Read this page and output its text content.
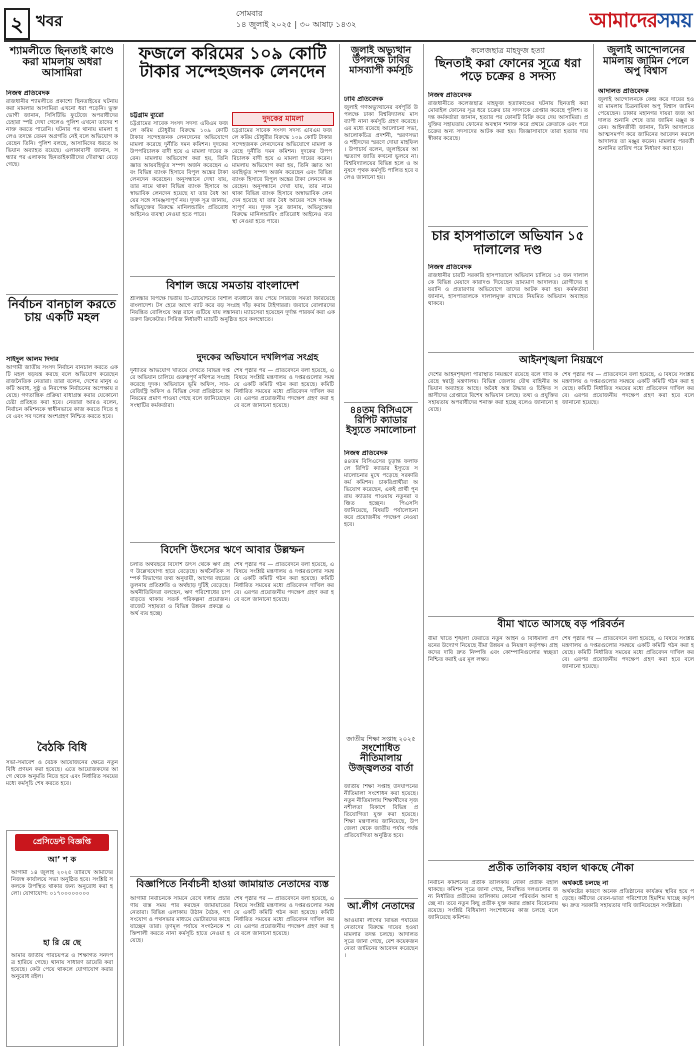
২ খবর	সোমবার
১৪ জুলাই ২০২৫ | ৩০ আষাঢ় ১৪৩২	আমাদেরসময়
শ্যামলীতে ছিনতাই কাণ্ডে করা মামলায় অধরা আসামিরা
নিজস্ব প্রতিবেদক
রাজধানীর শ্যামলীতে প্রকাশ্যে ছিনতাইয়ের ঘটনায় করা মামলার আসামিরা এখনো ধরা পড়েনি। ভুক্তভোগী জানান, সিসিটিভি ফুটেজে অপরাধীদের চেহারা স্পষ্ট দেখা গেলেও পুলিশ এখনো তাদের শনাক্ত করতে পারেনি। ঘটনার পর থানায় মামলা হলেও তদন্তে তেমন অগ্রগতি নেই বলে অভিযোগ করেছেন তিনি। পুলিশ বলছে, আসামিদের ধরতে অভিযান অব্যাহত রয়েছে। এলাকাবাসী জানান, সন্ধ্যার পর এলাকায় ছিনতাইকারীদের দৌরাত্ম্য বেড়ে গেছে।
নির্বাচন বানচাল করতে চায় একটি মহল
সাইদুল আলম দিদার
আগামী জাতীয় সংসদ নির্বাচন বানচাল করতে একটি মহল ষড়যন্ত্র করছে বলে অভিযোগ করেছেন রাজনৈতিক নেতারা। তারা বলেন, দেশের মানুষ একটি অবাধ, সুষ্ঠু ও নিরপেক্ষ নির্বাচনের অপেক্ষায় রয়েছে। গণতান্ত্রিক প্রক্রিয়া বাধাগ্রস্ত করার যেকোনো চেষ্টা প্রতিহত করা হবে। নেতারা আরও বলেন, নির্বাচন কমিশনকে স্বাধীনভাবে কাজ করতে দিতে হবে এবং সব দলের অংশগ্রহণ নিশ্চিত করতে হবে।
বৈঠকি বিধি
সভা-সমাবেশ ও বৈঠক আয়োজনের ক্ষেত্রে নতুন বিধি প্রণয়ন করা হয়েছে। এতে আয়োজকদের আগে থেকে অনুমতি নিতে হবে এবং নির্ধারিত সময়ের মধ্যে কর্মসূচি শেষ করতে হবে।
প্রেসিডেন্ট বিজ্ঞপ্তি
আ’ শ ক
আগামী ১৪ জুলাই ২০২৫ তারিখে আমাদের নিজস্ব কার্যালয়ে সভা অনুষ্ঠিত হবে। সংশ্লিষ্ট সকলকে উপস্থিত থাকার জন্য অনুরোধ করা হলো। যোগাযোগ: ০১৭০০০০০০০০
হা রি য়ে ছে
আমার জাতীয় পরিচয়পত্র ও শিক্ষাগত সনদপত্র হারিয়ে গেছে। থানায় সাধারণ ডায়েরি করা হয়েছে। কেউ পেয়ে থাকলে যোগাযোগ করার অনুরোধ রইল।
ফজলে করিমের ১০৯ কোটি টাকার সন্দেহজনক লেনদেন
চট্টগ্রাম ব্যুরো
চট্টগ্রামের সাবেক সংসদ সদস্য এবিএম ফজলে করিম চৌধুরীর বিরুদ্ধে ১০৯ কোটি টাকার সন্দেহজনক লেনদেনের অভিযোগে মামলা করেছে দুর্নীতি দমন কমিশন। দুদকের উপপরিচালক বাদী হয়ে এ মামলা দায়ের করেন। মামলায় অভিযোগ করা হয়, তিনি জ্ঞাত আয়বহির্ভূত সম্পদ অর্জন করেছেন এবং বিভিন্ন ব্যাংক হিসাবে বিপুল অঙ্কের টাকা লেনদেন করেছেন। অনুসন্ধানে দেখা যায়, তার নামে থাকা বিভিন্ন ব্যাংক হিসাবে অস্বাভাবিক লেনদেন হয়েছে যা তার বৈধ আয়ের সঙ্গে সামঞ্জস্যপূর্ণ নয়। দুদক সূত্র জানায়, অভিযুক্তের বিরুদ্ধে মানিলন্ডারিং প্রতিরোধ আইনেও ব্যবস্থা নেওয়া হতে পারে।
দুদকের মামলা
চট্টগ্রামের সাবেক সংসদ সদস্য এবিএম ফজলে করিম চৌধুরীর বিরুদ্ধে ১০৯ কোটি টাকার সন্দেহজনক লেনদেনের অভিযোগে মামলা করেছে দুর্নীতি দমন কমিশন। দুদকের উপপরিচালক বাদী হয়ে এ মামলা দায়ের করেন। মামলায় অভিযোগ করা হয়, তিনি জ্ঞাত আয়বহির্ভূত সম্পদ অর্জন করেছেন এবং বিভিন্ন ব্যাংক হিসাবে বিপুল অঙ্কের টাকা লেনদেন করেছেন। অনুসন্ধানে দেখা যায়, তার নামে থাকা বিভিন্ন ব্যাংক হিসাবে অস্বাভাবিক লেনদেন হয়েছে যা তার বৈধ আয়ের সঙ্গে সামঞ্জস্যপূর্ণ নয়। দুদক সূত্র জানায়, অভিযুক্তের বিরুদ্ধে মানিলন্ডারিং প্রতিরোধ আইনেও ব্যবস্থা নেওয়া হতে পারে।
বিশাল জয়ে সমতায় বাংলাদেশ
শ্রীলঙ্কার বিপক্ষে দ্বিতীয় টি-টোয়েন্টিতে বিশাল ব্যবধানে জয় পেয়ে সিরিজে সমতা ফিরিয়েছে বাংলাদেশ। টস হেরে আগে ব্যাট করে বড় সংগ্রহ দাঁড় করায় টাইগাররা। জবাবে বোলারদের নিয়ন্ত্রিত বোলিংয়ে অল্প রানে গুটিয়ে যায় লঙ্কানরা। ম্যাচসেরা হয়েছেন দুর্দান্ত পারফর্ম করা এক তরুণ ক্রিকেটার। সিরিজ নির্ধারণী ম্যাচটি অনুষ্ঠিত হবে কলম্বোতে।
দুদকের অভিযানে দখলিপত্র সংগ্রহ
দুর্নীতির অভিযোগ খতিয়ে দেখতে বিভিন্ন দপ্তরে অভিযান চালিয়ে গুরুত্বপূর্ণ নথিপত্র সংগ্রহ করেছে দুদক। অভিযানে ভূমি অফিস, সাব-রেজিস্ট্রি অফিস ও বিভিন্ন সেবা প্রতিষ্ঠানে অনিয়মের প্রমাণ পাওয়া গেছে বলে জানিয়েছেন সংস্থাটির কর্মকর্তারা।
শেষ পৃষ্ঠার পর — প্রতিবেদনে বলা হয়েছে, এ বিষয়ে সংশ্লিষ্ট মন্ত্রণালয় ও দপ্তরগুলোর সমন্বয়ে একটি কমিটি গঠন করা হয়েছে। কমিটি নির্ধারিত সময়ের মধ্যে প্রতিবেদন দাখিল করবে। এরপর প্রয়োজনীয় পদক্ষেপ গ্রহণ করা হবে বলে জানানো হয়েছে।
বিদেশি উৎসের ঋণে আবার উল্লম্ফন
চলতি অর্থবছরে বিদেশি উৎস থেকে ঋণ গ্রহণ উল্লেখযোগ্য হারে বেড়েছে। অর্থনৈতিক সম্পর্ক বিভাগের তথ্য অনুযায়ী, আগের বছরের তুলনায় প্রতিশ্রুতি ও অর্থছাড় দুটিই বেড়েছে। অর্থনীতিবিদরা বলছেন, ঋণ পরিশোধের চাপ বাড়তে থাকায় সতর্ক পরিকল্পনা প্রয়োজন। বাজেট সহায়তা ও বিভিন্ন উন্নয়ন প্রকল্পে এ অর্থ ব্যয় হচ্ছে।
শেষ পৃষ্ঠার পর — প্রতিবেদনে বলা হয়েছে, এ বিষয়ে সংশ্লিষ্ট মন্ত্রণালয় ও দপ্তরগুলোর সমন্বয়ে একটি কমিটি গঠন করা হয়েছে। কমিটি নির্ধারিত সময়ের মধ্যে প্রতিবেদন দাখিল করবে। এরপর প্রয়োজনীয় পদক্ষেপ গ্রহণ করা হবে বলে জানানো হয়েছে।
বিজ্ঞাপিতে নির্বাচনী হাওয়া জামায়াত নেতাদের ব্যস্ত
আগামী নির্বাচনকে সামনে রেখে দলীয় প্রচারণায় ব্যস্ত সময় পার করছেন জামায়াতের নেতারা। বিভিন্ন এলাকায় উঠান বৈঠক, গণসংযোগ ও পথসভার মাধ্যমে ভোটারদের কাছে যাচ্ছেন তারা। তৃণমূল পর্যায়ে সংগঠনকে শক্তিশালী করতে নানা কর্মসূচি হাতে নেওয়া হয়েছে।
শেষ পৃষ্ঠার পর — প্রতিবেদনে বলা হয়েছে, এ বিষয়ে সংশ্লিষ্ট মন্ত্রণালয় ও দপ্তরগুলোর সমন্বয়ে একটি কমিটি গঠন করা হয়েছে। কমিটি নির্ধারিত সময়ের মধ্যে প্রতিবেদন দাখিল করবে। এরপর প্রয়োজনীয় পদক্ষেপ গ্রহণ করা হবে বলে জানানো হয়েছে।
জুলাই অভ্যুত্থান উপলক্ষে ঢাবির মাসব্যাপী কর্মসূচি
ঢাবি প্রতিবেদক
জুলাই গণঅভ্যুত্থানের বর্ষপূর্তি উপলক্ষে ঢাকা বিশ্ববিদ্যালয় মাসব্যাপী নানা কর্মসূচি গ্রহণ করেছে। এর মধ্যে রয়েছে আলোচনা সভা, আলোকচিত্র প্রদর্শনী, স্মরণসভা ও শহীদদের স্মরণে দোয়া মাহফিল। উপাচার্য বলেন, জুলাইয়ের আত্মত্যাগ জাতি কখনো ভুলবে না। বিশ্ববিদ্যালয়ের বিভিন্ন হলে ও অনুষদে পৃথক কর্মসূচি পালিত হবে বলেও জানানো হয়।
৪৪তম বিসিএসে রিপিট ক্যাডার ইস্যুতে সমালোচনা
নিজস্ব প্রতিবেদক
৪৪তম বিসিএসের চূড়ান্ত ফলাফলে রিপিট ক্যাডার ইস্যুতে সমালোচনার মুখে পড়েছে সরকারি কর্ম কমিশন। চাকরিপ্রার্থীরা অভিযোগ করেছেন, একই প্রার্থী পুনরায় ক্যাডার পাওয়ায় নতুনরা বঞ্চিত হচ্ছেন। পিএসসি জানিয়েছে, বিষয়টি পর্যালোচনা করে প্রয়োজনীয় পদক্ষেপ নেওয়া হবে।
জাতীয় শিক্ষা সপ্তাহ ২০২৫
সংশোধিত নীতিমালায় উজ্জ্বলতর বার্তা
জাতীয় শিক্ষা সপ্তাহ উদযাপনের নীতিমালা সংশোধন করা হয়েছে। নতুন নীতিমালায় শিক্ষার্থীদের সৃজনশীলতা বিকাশে বিভিন্ন প্রতিযোগিতা যুক্ত করা হয়েছে। শিক্ষা মন্ত্রণালয় জানিয়েছে, উপজেলা থেকে জাতীয় পর্যায় পর্যন্ত প্রতিযোগিতা অনুষ্ঠিত হবে।
আ.লীগ নেতাদের
আওয়ামী লীগের বিভিন্ন পর্যায়ের নেতাদের বিরুদ্ধে দায়ের হওয়া মামলার তদন্ত চলছে। আদালত সূত্রে জানা গেছে, বেশ কয়েকজন নেতা জামিনের আবেদন করেছেন।
কলেজছাত্র মাহফুজ হত্যা
ছিনতাই করা ফোনের সূত্রে ধরা পড়ে চক্রের ৪ সদস্য
নিজস্ব প্রতিবেদক
রাজধানীতে কলেজছাত্র মাহফুজ হত্যাকাণ্ডের ঘটনায় ছিনতাই করা মোবাইল ফোনের সূত্র ধরে চক্রের চার সদস্যকে গ্রেপ্তার করেছে পুলিশ। তদন্ত কর্মকর্তারা জানান, হত্যার পর ফোনটি বিক্রি করে দেয় আসামিরা। প্রযুক্তির সহায়তায় ফোনের অবস্থান শনাক্ত করে প্রথমে ক্রেতাকে এবং পরে চক্রের অন্য সদস্যদের আটক করা হয়। জিজ্ঞাসাবাদে তারা হত্যার দায় স্বীকার করেছে।
চার হাসপাতালে অভিযান ১৫ দালালের দণ্ড
নিজস্ব প্রতিবেদক
রাজধানীর চারটি সরকারি হাসপাতালে অভিযান চালিয়ে ১৫ জন দালালকে বিভিন্ন মেয়াদে কারাদণ্ড দিয়েছেন ভ্রাম্যমাণ আদালত। রোগীদের হয়রানি ও প্রতারণার অভিযোগে তাদের আটক করা হয়। কর্মকর্তারা জানান, হাসপাতালকে দালালমুক্ত রাখতে নিয়মিত অভিযান অব্যাহত থাকবে।
আইনশৃঙ্খলা নিয়ন্ত্রণে
দেশের আইনশৃঙ্খলা পরিস্থিতি নিয়ন্ত্রণে রয়েছে বলে দাবি করেছে স্বরাষ্ট্র মন্ত্রণালয়। বিভিন্ন জেলায় যৌথ বাহিনীর অভিযান অব্যাহত আছে। অবৈধ অস্ত্র উদ্ধার ও চিহ্নিত সন্ত্রাসীদের গ্রেপ্তারে বিশেষ অভিযান চলছে। তথ্য ও প্রযুক্তির সহায়তায় অপরাধীদের শনাক্ত করা হচ্ছে বলেও জানানো হয়েছে।
শেষ পৃষ্ঠার পর — প্রতিবেদনে বলা হয়েছে, এ বিষয়ে সংশ্লিষ্ট মন্ত্রণালয় ও দপ্তরগুলোর সমন্বয়ে একটি কমিটি গঠন করা হয়েছে। কমিটি নির্ধারিত সময়ের মধ্যে প্রতিবেদন দাখিল করবে। এরপর প্রয়োজনীয় পদক্ষেপ গ্রহণ করা হবে বলে জানানো হয়েছে।
বীমা খাতে আসছে বড় পরিবর্তন
বীমা খাতে শৃঙ্খলা ফেরাতে নতুন আইন ও বিধিমালা প্রণয়নের উদ্যোগ নিয়েছে বীমা উন্নয়ন ও নিয়ন্ত্রণ কর্তৃপক্ষ। গ্রাহকদের দাবি দ্রুত নিষ্পত্তি এবং কোম্পানিগুলোর স্বচ্ছতা নিশ্চিত করাই এর মূল লক্ষ্য।
শেষ পৃষ্ঠার পর — প্রতিবেদনে বলা হয়েছে, এ বিষয়ে সংশ্লিষ্ট মন্ত্রণালয় ও দপ্তরগুলোর সমন্বয়ে একটি কমিটি গঠন করা হয়েছে। কমিটি নির্ধারিত সময়ের মধ্যে প্রতিবেদন দাখিল করবে। এরপর প্রয়োজনীয় পদক্ষেপ গ্রহণ করা হবে বলে জানানো হয়েছে।
প্রতীক তালিকায় বহাল থাকছে নৌকা
নির্বাচন কমিশনের প্রতীক তালিকায় নৌকা প্রতীক বহাল থাকছে। কমিশন সূত্রে জানা গেছে, নিবন্ধিত দলগুলোর জন্য নির্ধারিত প্রতীকের তালিকায় কোনো পরিবর্তন আনা হচ্ছে না। তবে নতুন কিছু প্রতীক যুক্ত করার প্রস্তাব বিবেচনায় রয়েছে। সংশ্লিষ্ট বিধিমালা সংশোধনের কাজ চলছে বলে জানিয়েছে কমিশন।
অর্থকষ্টে চলছে না
অর্থকষ্টের কারণে অনেক প্রতিষ্ঠানের কার্যক্রম স্থবির হয়ে পড়েছে। কর্মীদের বেতন-ভাতা পরিশোধে হিমশিম খাচ্ছে কর্তৃপক্ষ। দ্রুত সরকারি সহায়তার দাবি জানিয়েছেন সংশ্লিষ্টরা।
জুলাই আন্দোলনের মামলায় জামিন পেলে অপু বিশ্বাস
আদালত প্রতিবেদক
জুলাই আন্দোলনকে কেন্দ্র করে দায়ের হওয়া মামলায় চিত্রনায়িকা অপু বিশ্বাস জামিন পেয়েছেন। ঢাকার মহানগর দায়রা জজ আদালত শুনানি শেষে তার জামিন মঞ্জুর করেন। আইনজীবী জানান, তিনি আদালতে আত্মসমর্পণ করে জামিনের আবেদন করলে আদালত তা মঞ্জুর করেন। মামলার পরবর্তী শুনানির তারিখ পরে নির্ধারণ করা হবে।
